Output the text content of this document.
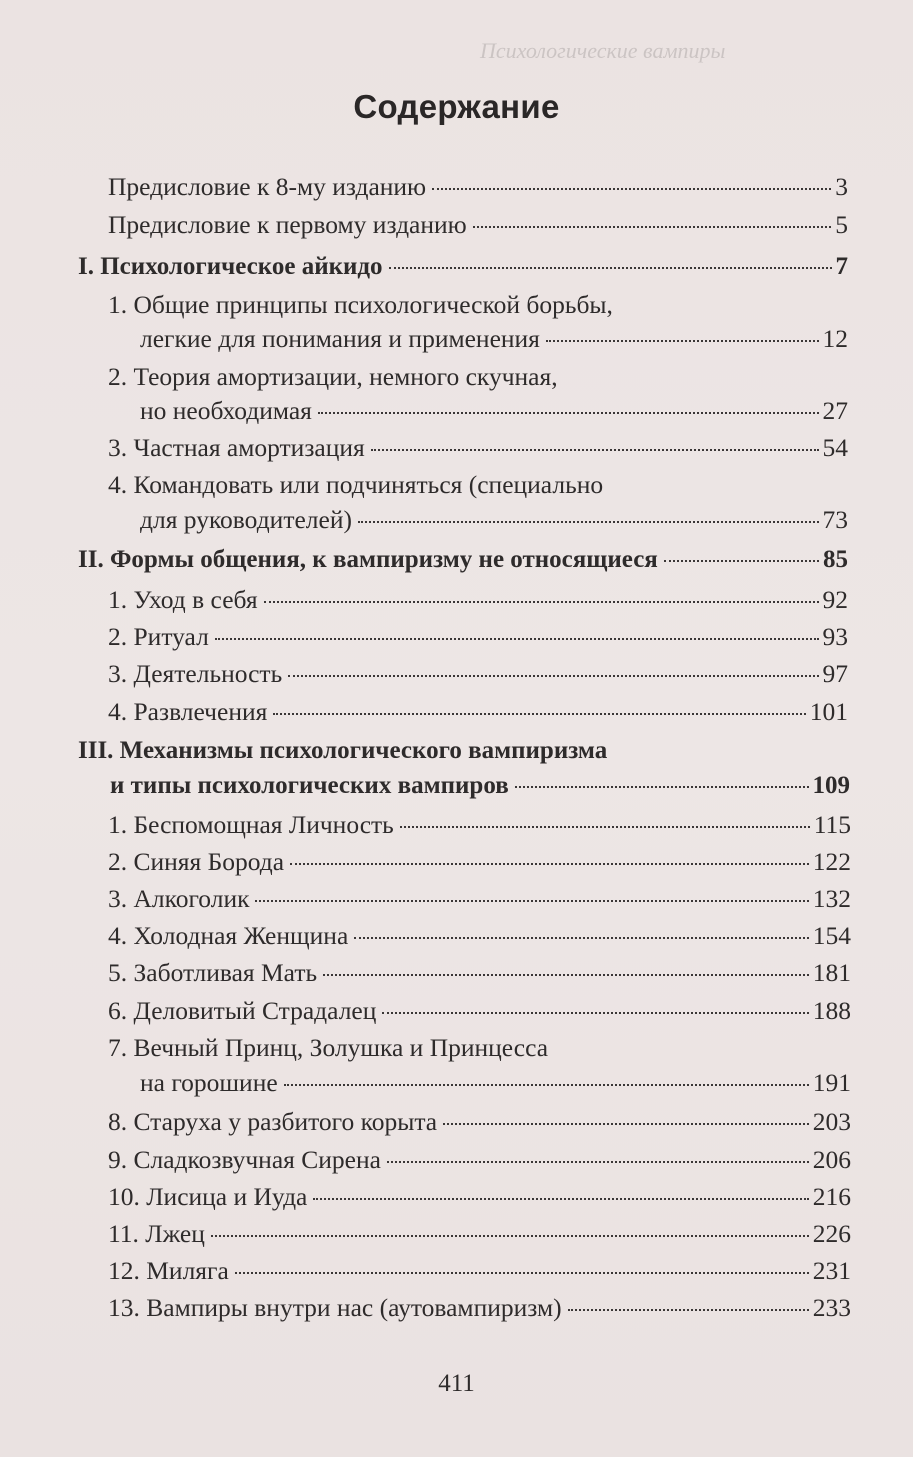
Психологические вампиры
Содержание
Предисловие к 8-му изданию	3
Предисловие к первому изданию	5
I. Психологическое айкидо	7
1. Общие принципы психологической борьбы,
легкие для понимания и применения	12
2. Теория амортизации, немного скучная,
но необходимая	27
3. Частная амортизация	54
4. Командовать или подчиняться (специально
для руководителей)	73
II. Формы общения, к вампиризму не относящиеся	85
1. Уход в себя	92
2. Ритуал	93
3. Деятельность	97
4. Развлечения	101
III. Механизмы психологического вампиризма
и типы психологических вампиров	109
1. Беспомощная Личность	115
2. Синяя Борода	122
3. Алкоголик	132
4. Холодная Женщина	154
5. Заботливая Мать	181
6. Деловитый Страдалец	188
7. Вечный Принц, Золушка и Принцесса
на горошине	191
8. Старуха у разбитого корыта	203
9. Сладкозвучная Сирена	206
10. Лисица и Иуда	216
11. Лжец	226
12. Миляга	231
13. Вампиры внутри нас (аутовампиризм)	233
411
